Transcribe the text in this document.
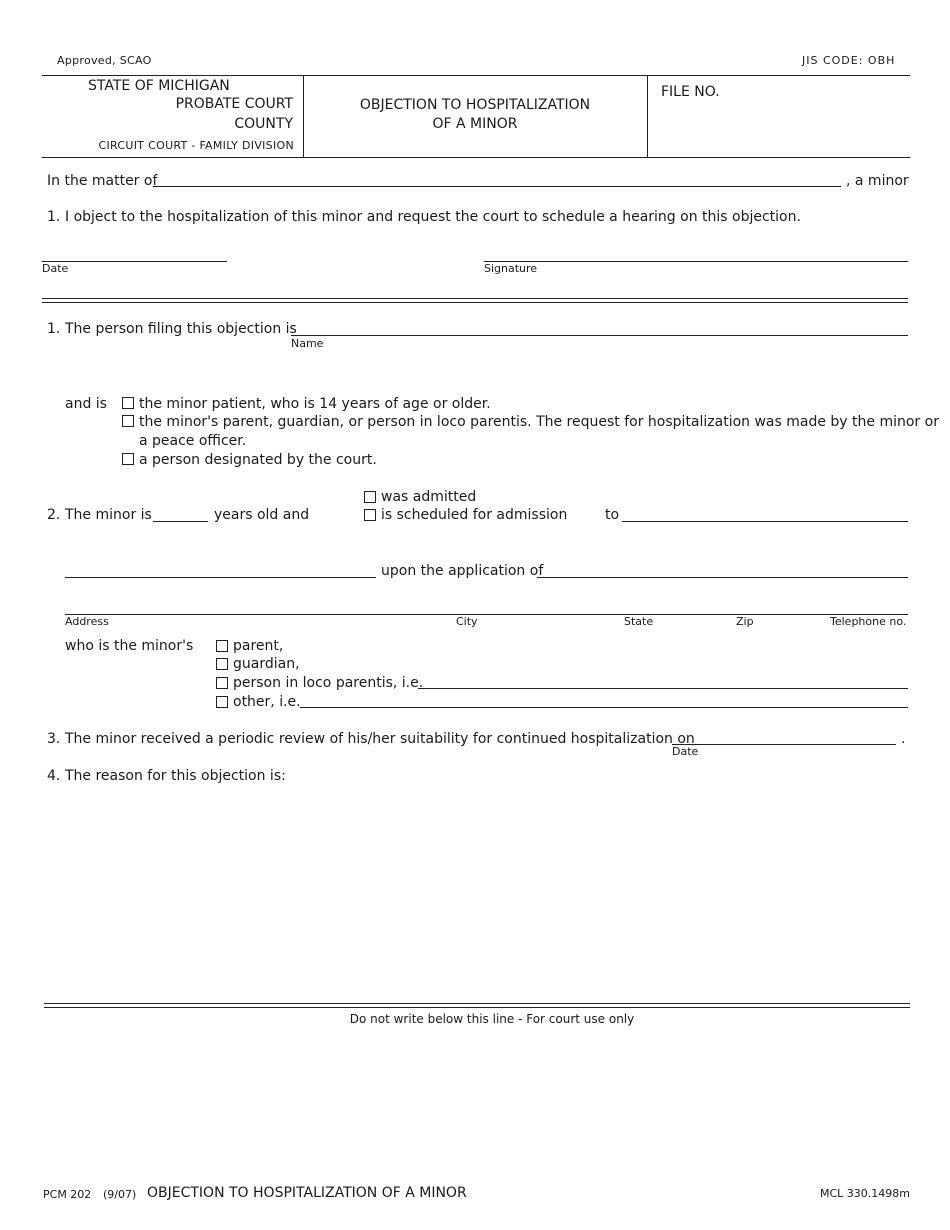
Approved, SCAO	JIS CODE: OBH
STATE OF MICHIGAN
PROBATE COURT
COUNTY
CIRCUIT COURT - FAMILY DIVISION
OBJECTION TO HOSPITALIZATION
OF A MINOR
FILE NO.
In the matter of	, a minor
1. I object to the hospitalization of this minor and request the court to schedule a hearing on this objection.
Date	Signature
1. The person filing this objection is
Name
and is the minor patient, who is 14 years of age or older.
the minor's parent, guardian, or person in loco parentis. The request for hospitalization was made by the minor or
a peace officer.
a person designated by the court.
2. The minor is	years old and
was admitted
is scheduled for admission	to
upon the application of
Address	City	State	Zip	Telephone no.
who is the minor's	parent,
guardian,
person in loco parentis, i.e.
other, i.e.
3. The minor received a periodic review of his/her suitability for continued hospitalization on
Date
.
4. The reason for this objection is:
Do not write below this line - For court use only
PCM 202 (9/07) OBJECTION TO HOSPITALIZATION OF A MINOR	MCL 330.1498m
